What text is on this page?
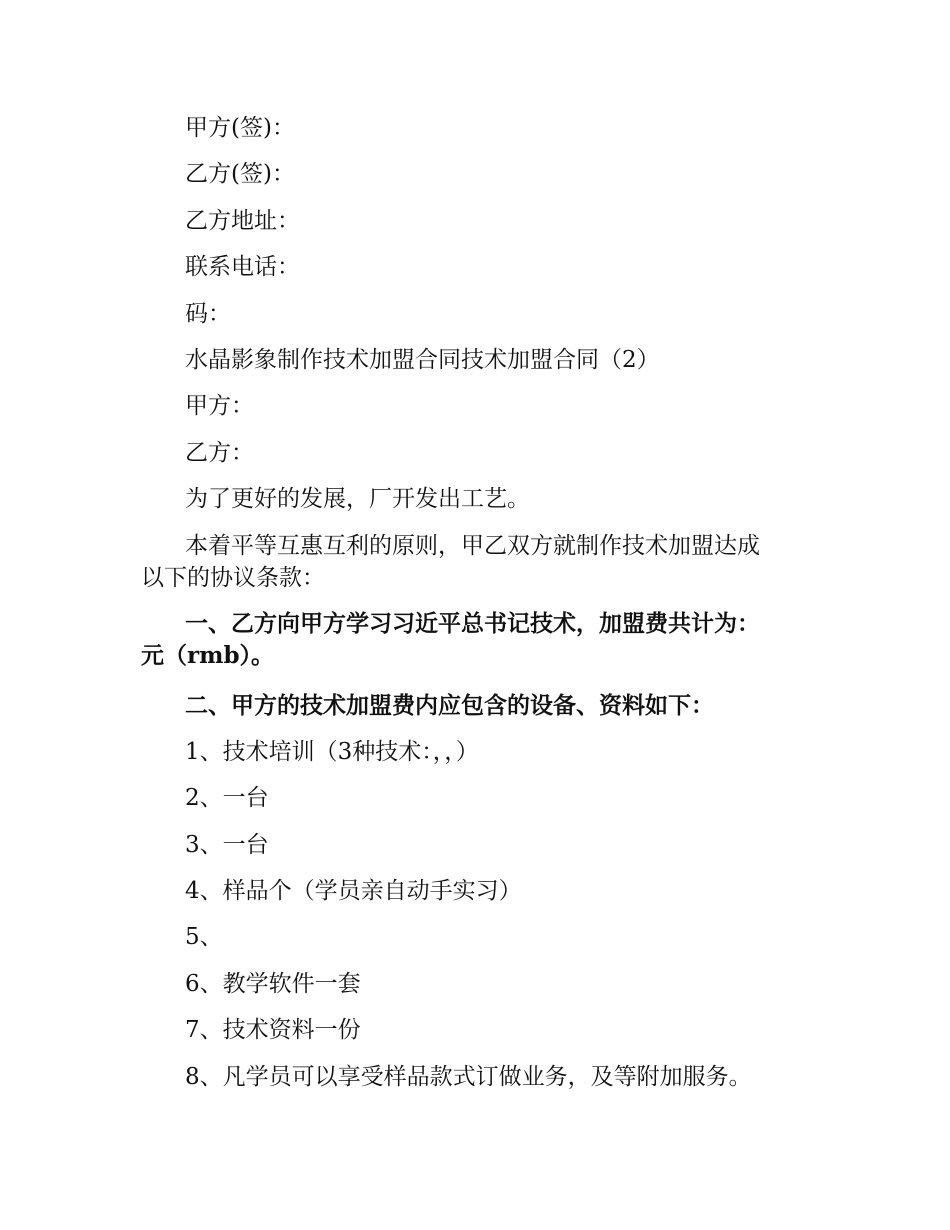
甲方(签)：

乙方(签)：

乙方地址：

联系电话：

码：

水晶影象制作技术加盟合同技术加盟合同（2）

甲方：

乙方：

为了更好的发展，厂开发出工艺。

本着平等互惠互利的原则，甲乙双方就制作技术加盟达成
以下的协议条款：
一、乙方向甲方学习习近平总书记技术，加盟费共计为：
元（rmb）。

二、甲方的技术加盟费内应包含的设备、资料如下：

1、技术培训（3种技术：，，）

2、一台

3、一台

4、样品个（学员亲自动手实习）

5、

6、教学软件一套

7、技术资料一份

8、凡学员可以享受样品款式订做业务，及等附加服务。
